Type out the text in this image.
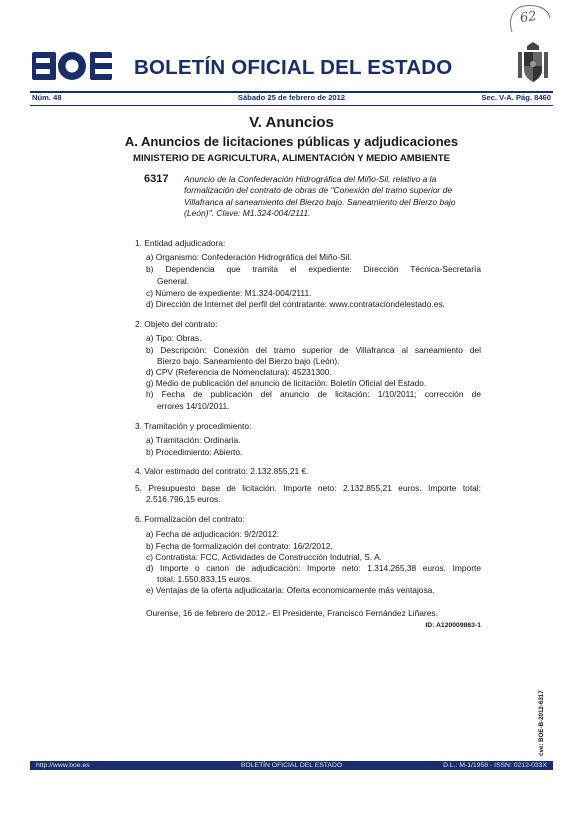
62
BOLETÍN OFICIAL DEL ESTADO
Núm. 48	Sábado 25 de febrero de 2012	Sec. V-A. Pág. 8460
V. Anuncios
A. Anuncios de licitaciones públicas y adjudicaciones
MINISTERIO DE AGRICULTURA, ALIMENTACIÓN Y MEDIO AMBIENTE
6317 Anuncio de la Confederación Hidrográfica del Miño-Sil, relativo a la
formalización del contrato de obras de "Conexión del tramo superior de
Villafranca al saneamiento del Bierzo bajo. Saneamiento del Bierzo bajo
(León)". Clave: M1.324-004/2111.
1. Entidad adjudicadora:
a) Organismo: Confederación Hidrográfica del Miño-Sil.
b) Dependencia que tramita el expediente: Dirección Técnica-Secretaría
General.
c) Número de expediente: M1.324-004/2111.
d) Dirección de Internet del perfil del contratante: www.contrataciondelestado.es.
2. Objeto del contrato:
a) Tipo: Obras.
b) Descripción: Conexión del tramo superior de Villafranca al saneamiento del
Bierzo bajo. Saneamiento del Bierzo bajo (León).
d) CPV (Referencia de Nomenclatura): 45231300.
g) Medio de publicación del anuncio de licitación: Boletín Oficial del Estado.
h) Fecha de publicación del anuncio de licitación: 1/10/2011; corrección de
errores 14/10/2011.
3. Tramitación y procedimiento:
a) Tramitación: Ordinaria.
b) Procedimiento: Abierto.
4. Valor estimado del contrato: 2.132.855,21 €.
5. Presupuesto base de licitación. Importe neto: 2.132.855,21 euros. Importe total:
2.516.796,15 euros.
6. Formalización del contrato:
a) Fecha de adjudicación: 9/2/2012.
b) Fecha de formalización del contrato: 16/2/2012.
c) Contratista: FCC, Actividades de Construcción Indutrial, S. A.
d) Importe o canon de adjudicación: Importe neto: 1.314.265,38 euros. Importe
total: 1.550.833,15 euros.
e) Ventajas de la oferta adjudicataria: Oferta economicamente más ventajosa.
Ourense, 16 de febrero de 2012.- El Presidente, Francisco Fernández Liñares.
ID: A120009863-1
cve: BOE-B-2012-6317
http://www.boe.es	BOLETÍN OFICIAL DEL ESTADO	D.L.: M-1/1958 - ISSN: 0212-033X
